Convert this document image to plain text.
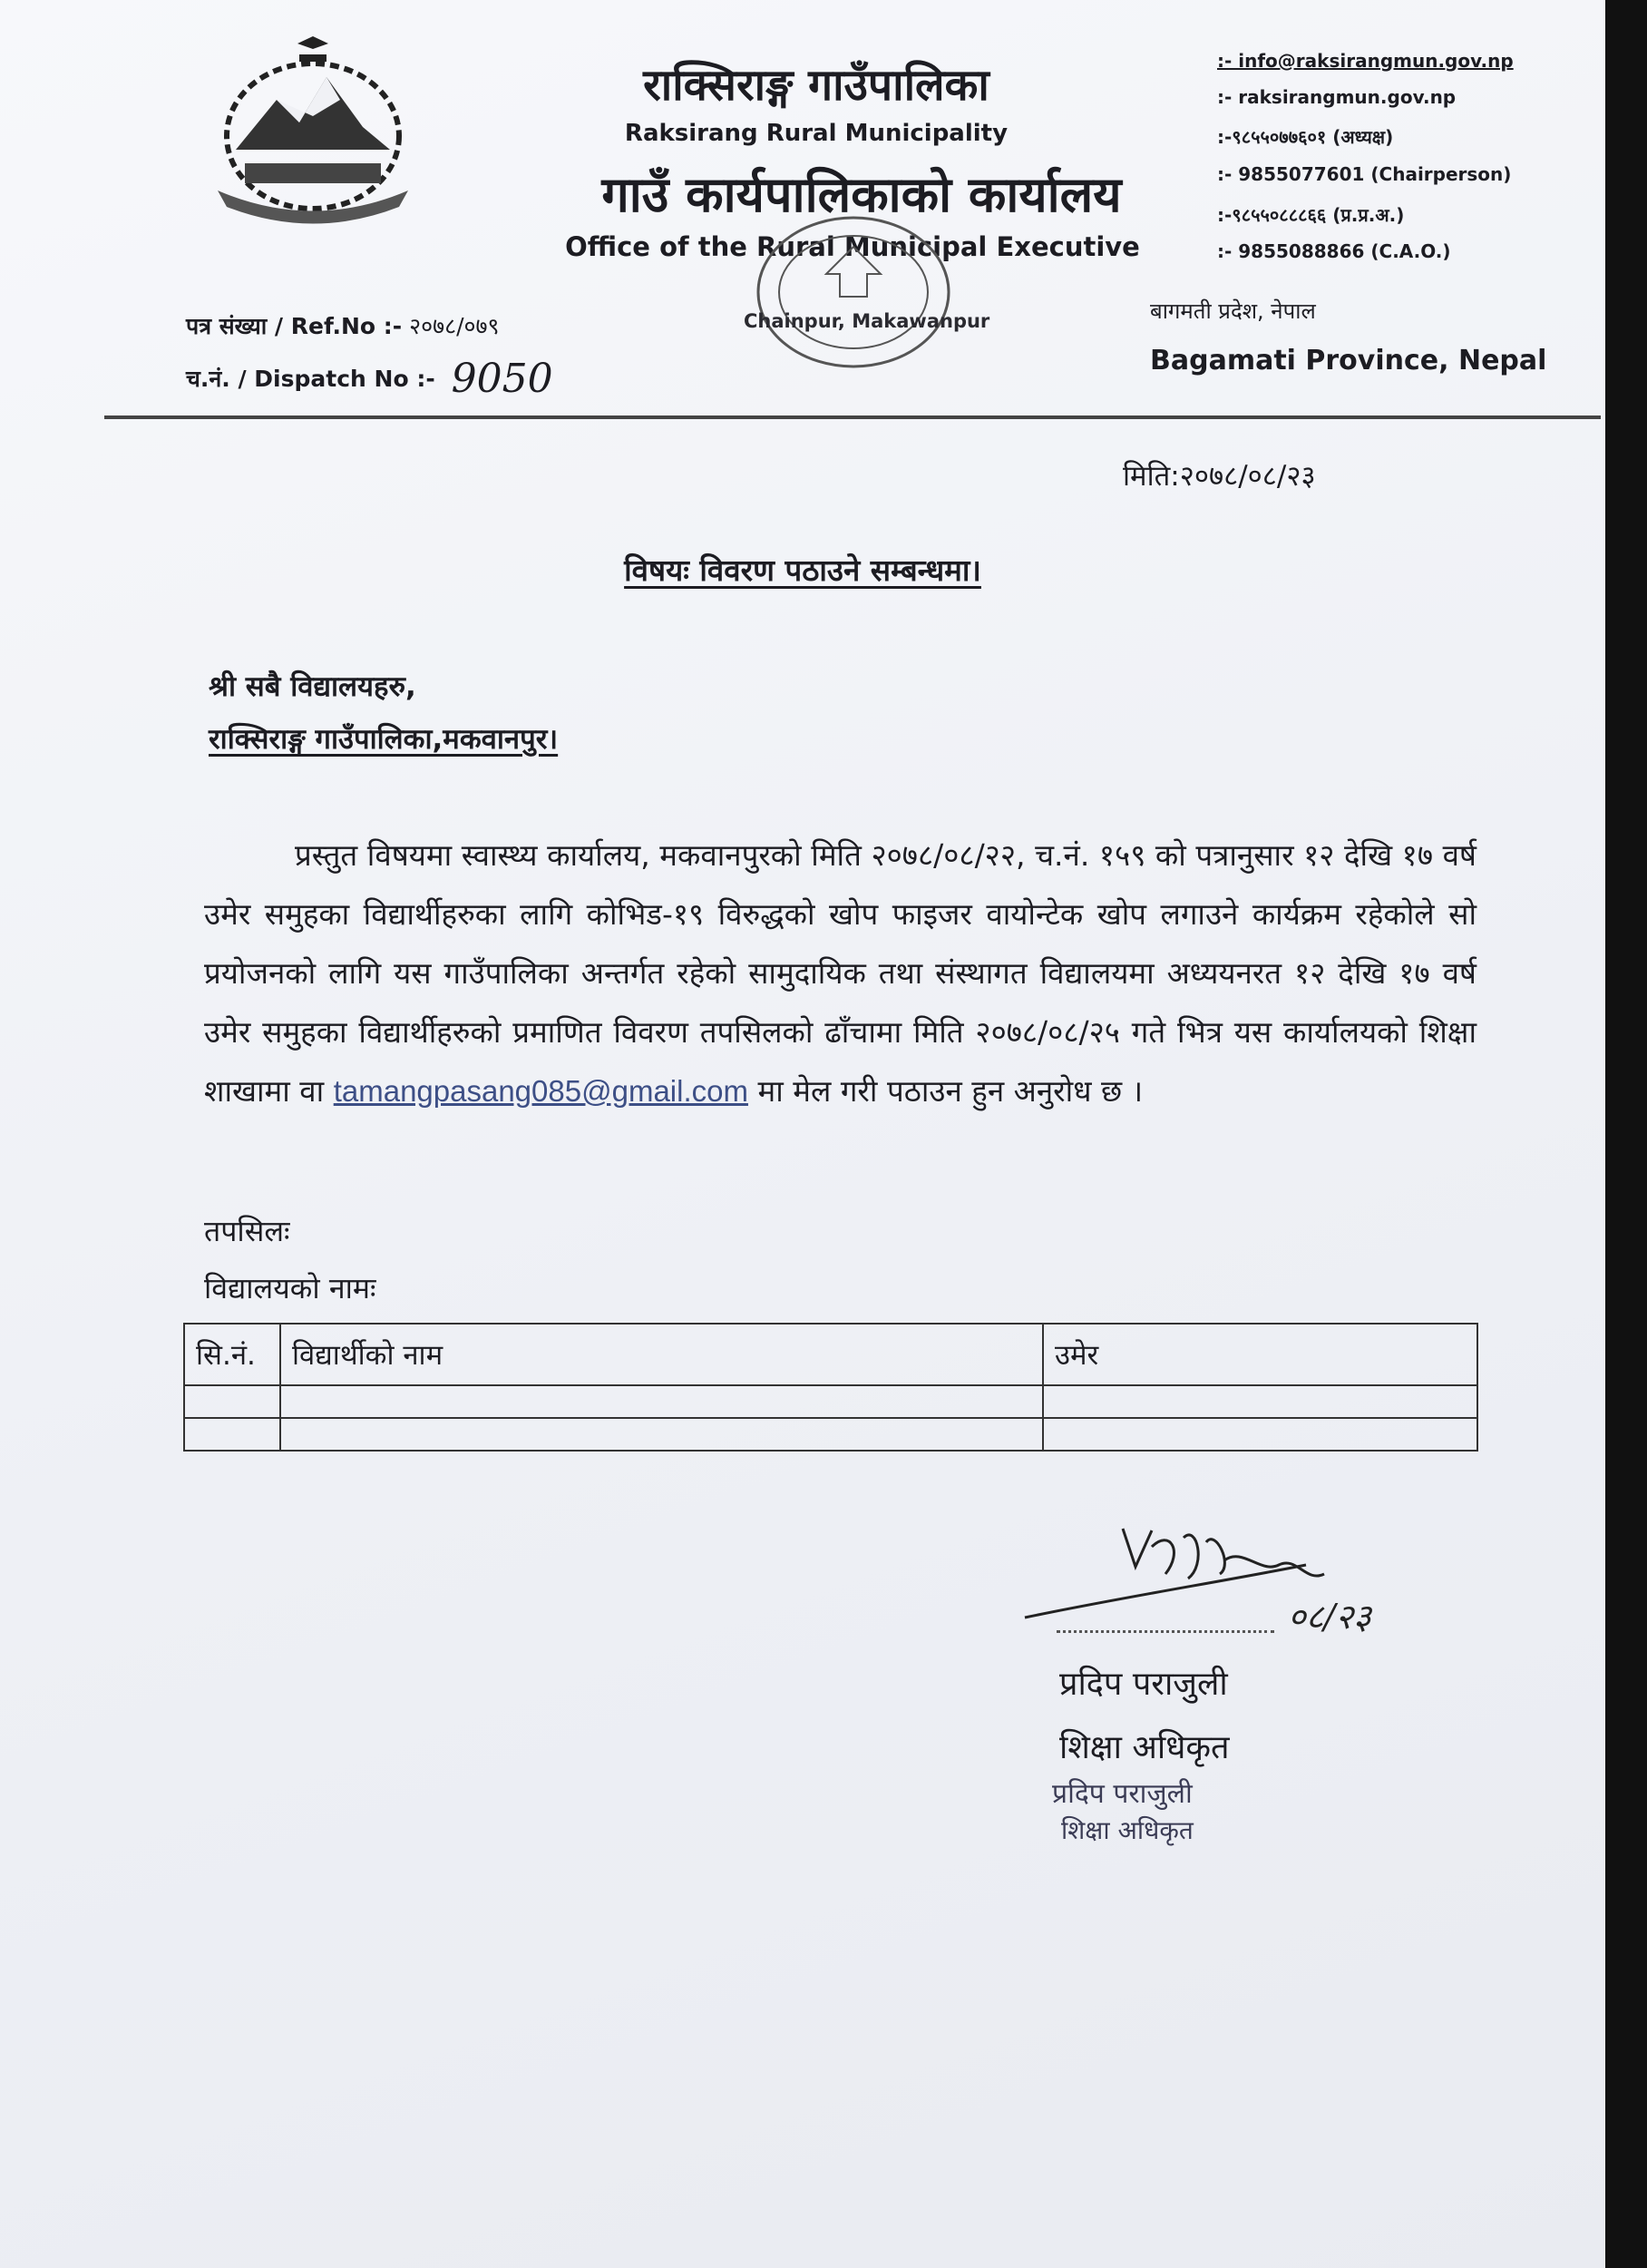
राक्सिराङ्ग गाउँपालिका
Raksirang Rural Municipality
गाउँ कार्यपालिकाको कार्यालय
Office of the Rural Municipal Executive
:- info@raksirangmun.gov.np
:- raksirangmun.gov.np
:-९८५५०७७६०१ (अध्यक्ष)
:- 9855077601 (Chairperson)
:-९८५५०८८८६६ (प्र.प्र.अ.)
:- 9855088866 (C.A.O.)
बागमती प्रदेश, नेपाल
Bagamati Province, Nepal
पत्र संख्या / Ref.No :- २०७८/०७९
च.नं. / Dispatch No :- 9050
Chainpur, Makawanpur
मिति:२०७८/०८/२३
विषयः विवरण पठाउने सम्बन्धमा।
श्री सबै विद्यालयहरु,
राक्सिराङ्ग गाउँपालिका,मकवानपुर।
प्रस्तुत विषयमा स्वास्थ्य कार्यालय, मकवानपुरको मिति २०७८/०८/२२, च.नं. १५९ को पत्रानुसार १२ देखि १७ वर्ष उमेर समुहका विद्यार्थीहरुका लागि कोभिड-१९ विरुद्धको खोप फाइजर वायोन्टेक खोप लगाउने कार्यक्रम रहेकोले सो प्रयोजनको लागि यस गाउँपालिका अन्तर्गत रहेको सामुदायिक तथा संस्थागत विद्यालयमा अध्ययनरत १२ देखि १७ वर्ष उमेर समुहका विद्यार्थीहरुको प्रमाणित विवरण तपसिलको ढाँचामा मिति २०७८/०८/२५ गते भित्र यस कार्यालयको शिक्षा शाखामा वा tamangpasang085@gmail.com मा मेल गरी पठाउन हुन अनुरोध छ ।
तपसिलः
विद्यालयको नामः
सि.नं.	विद्यार्थीको नाम	उमेर

०८/२३
प्रदिप पराजुली
शिक्षा अधिकृत
प्रदिप पराजुली
शिक्षा अधिकृत
